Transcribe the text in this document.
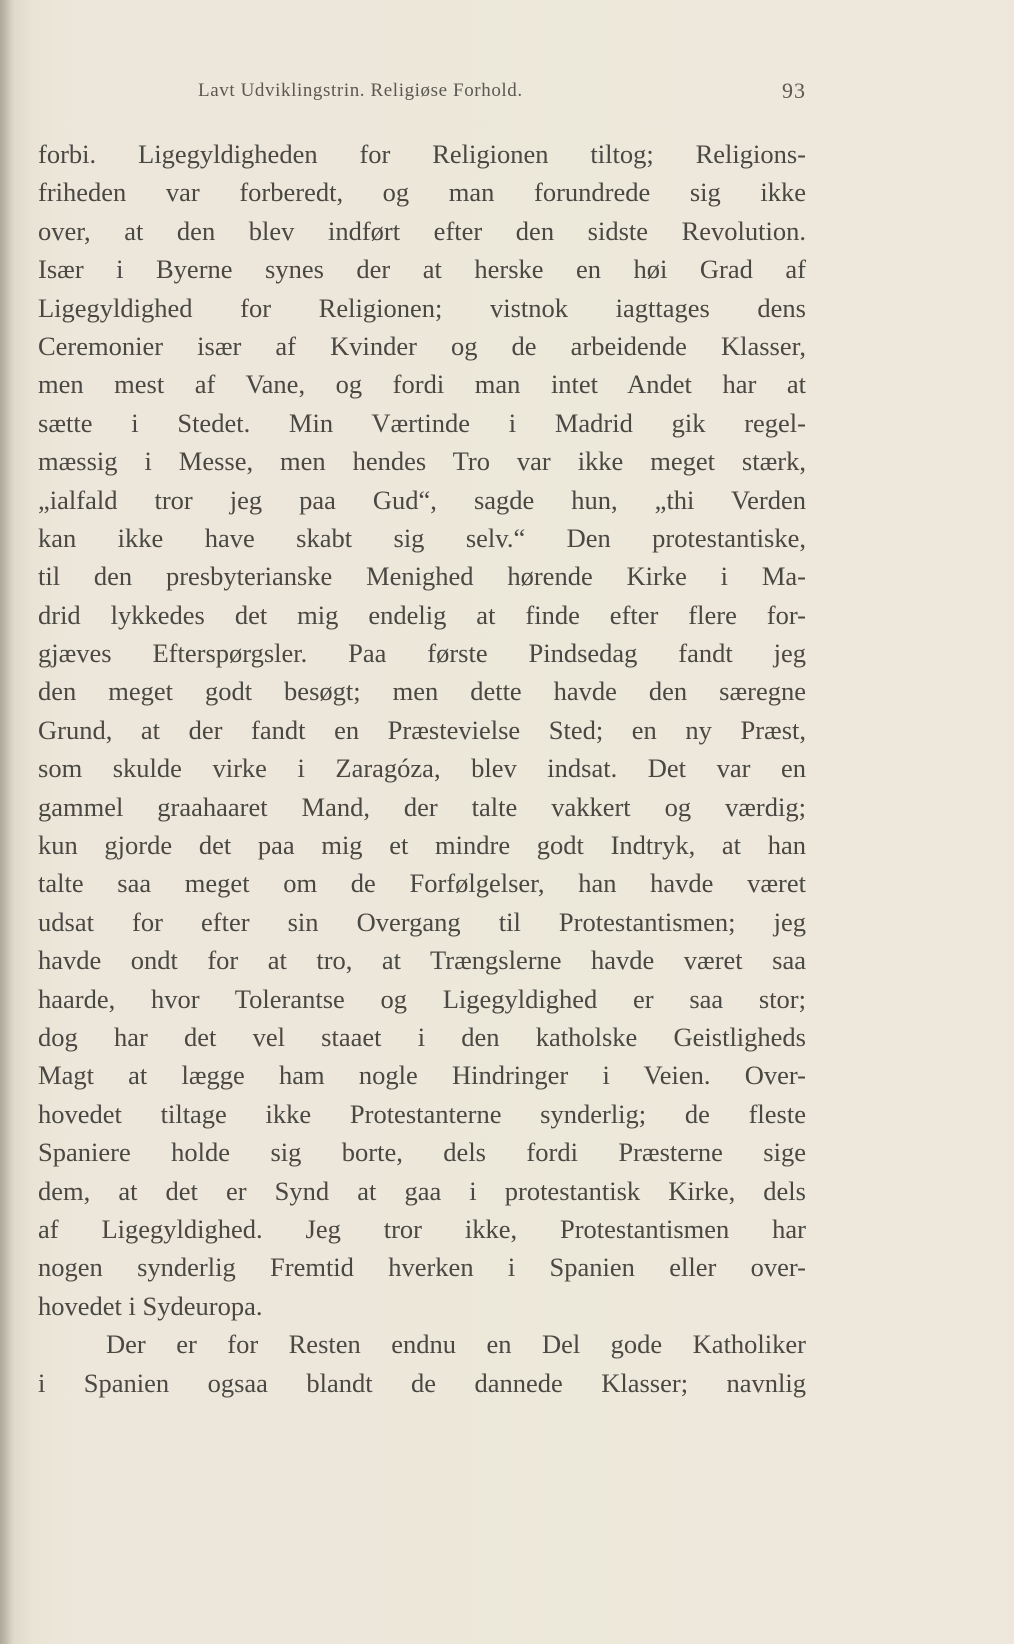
Lavt Udviklingstrin. Religiøse Forhold.	93
forbi. Ligegyldigheden for Religionen tiltog; Religions-
friheden var forberedt, og man forundrede sig ikke
over, at den blev indført efter den sidste Revolution.
Især i Byerne synes der at herske en høi Grad af
Ligegyldighed for Religionen; vistnok iagttages dens
Ceremonier især af Kvinder og de arbeidende Klasser,
men mest af Vane, og fordi man intet Andet har at
sætte i Stedet. Min Værtinde i Madrid gik regel-
mæssig i Messe, men hendes Tro var ikke meget stærk,
„ialfald tror jeg paa Gud“, sagde hun, „thi Verden
kan ikke have skabt sig selv.“ Den protestantiske,
til den presbyterianske Menighed hørende Kirke i Ma-
drid lykkedes det mig endelig at finde efter flere for-
gjæves Efterspørgsler. Paa første Pindsedag fandt jeg
den meget godt besøgt; men dette havde den særegne
Grund, at der fandt en Præstevielse Sted; en ny Præst,
som skulde virke i Zaragóza, blev indsat. Det var en
gammel graahaaret Mand, der talte vakkert og værdig;
kun gjorde det paa mig et mindre godt Indtryk, at han
talte saa meget om de Forfølgelser, han havde været
udsat for efter sin Overgang til Protestantismen; jeg
havde ondt for at tro, at Trængslerne havde været saa
haarde, hvor Tolerantse og Ligegyldighed er saa stor;
dog har det vel staaet i den katholske Geistligheds
Magt at lægge ham nogle Hindringer i Veien. Over-
hovedet tiltage ikke Protestanterne synderlig; de fleste
Spaniere holde sig borte, dels fordi Præsterne sige
dem, at det er Synd at gaa i protestantisk Kirke, dels
af Ligegyldighed. Jeg tror ikke, Protestantismen har
nogen synderlig Fremtid hverken i Spanien eller over-
hovedet i Sydeuropa.
Der er for Resten endnu en Del gode Katholiker
i Spanien ogsaa blandt de dannede Klasser; navnlig
